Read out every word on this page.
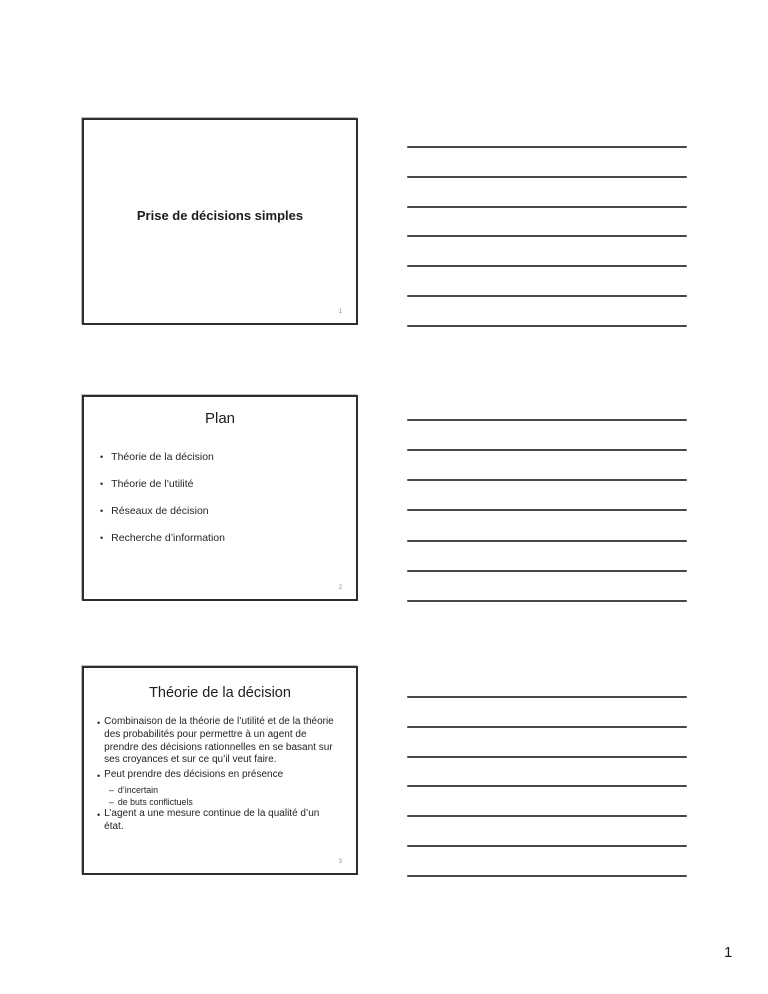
Prise de décisions simples
1
Plan
• Théorie de la décision
• Théorie de l’utilité
• Réseaux de décision
• Recherche d’information
2
Théorie de la décision
• Combinaison de la théorie de l’utilité et de la théorie des probabilités pour permettre à un agent de prendre des décisions rationnelles en se basant sur ses croyances et sur ce qu’il veut faire.
• Peut prendre des décisions en présence
– d’incertain
– de buts conflictuels
• L’agent a une mesure continue de la qualité d’un état.
3
1
